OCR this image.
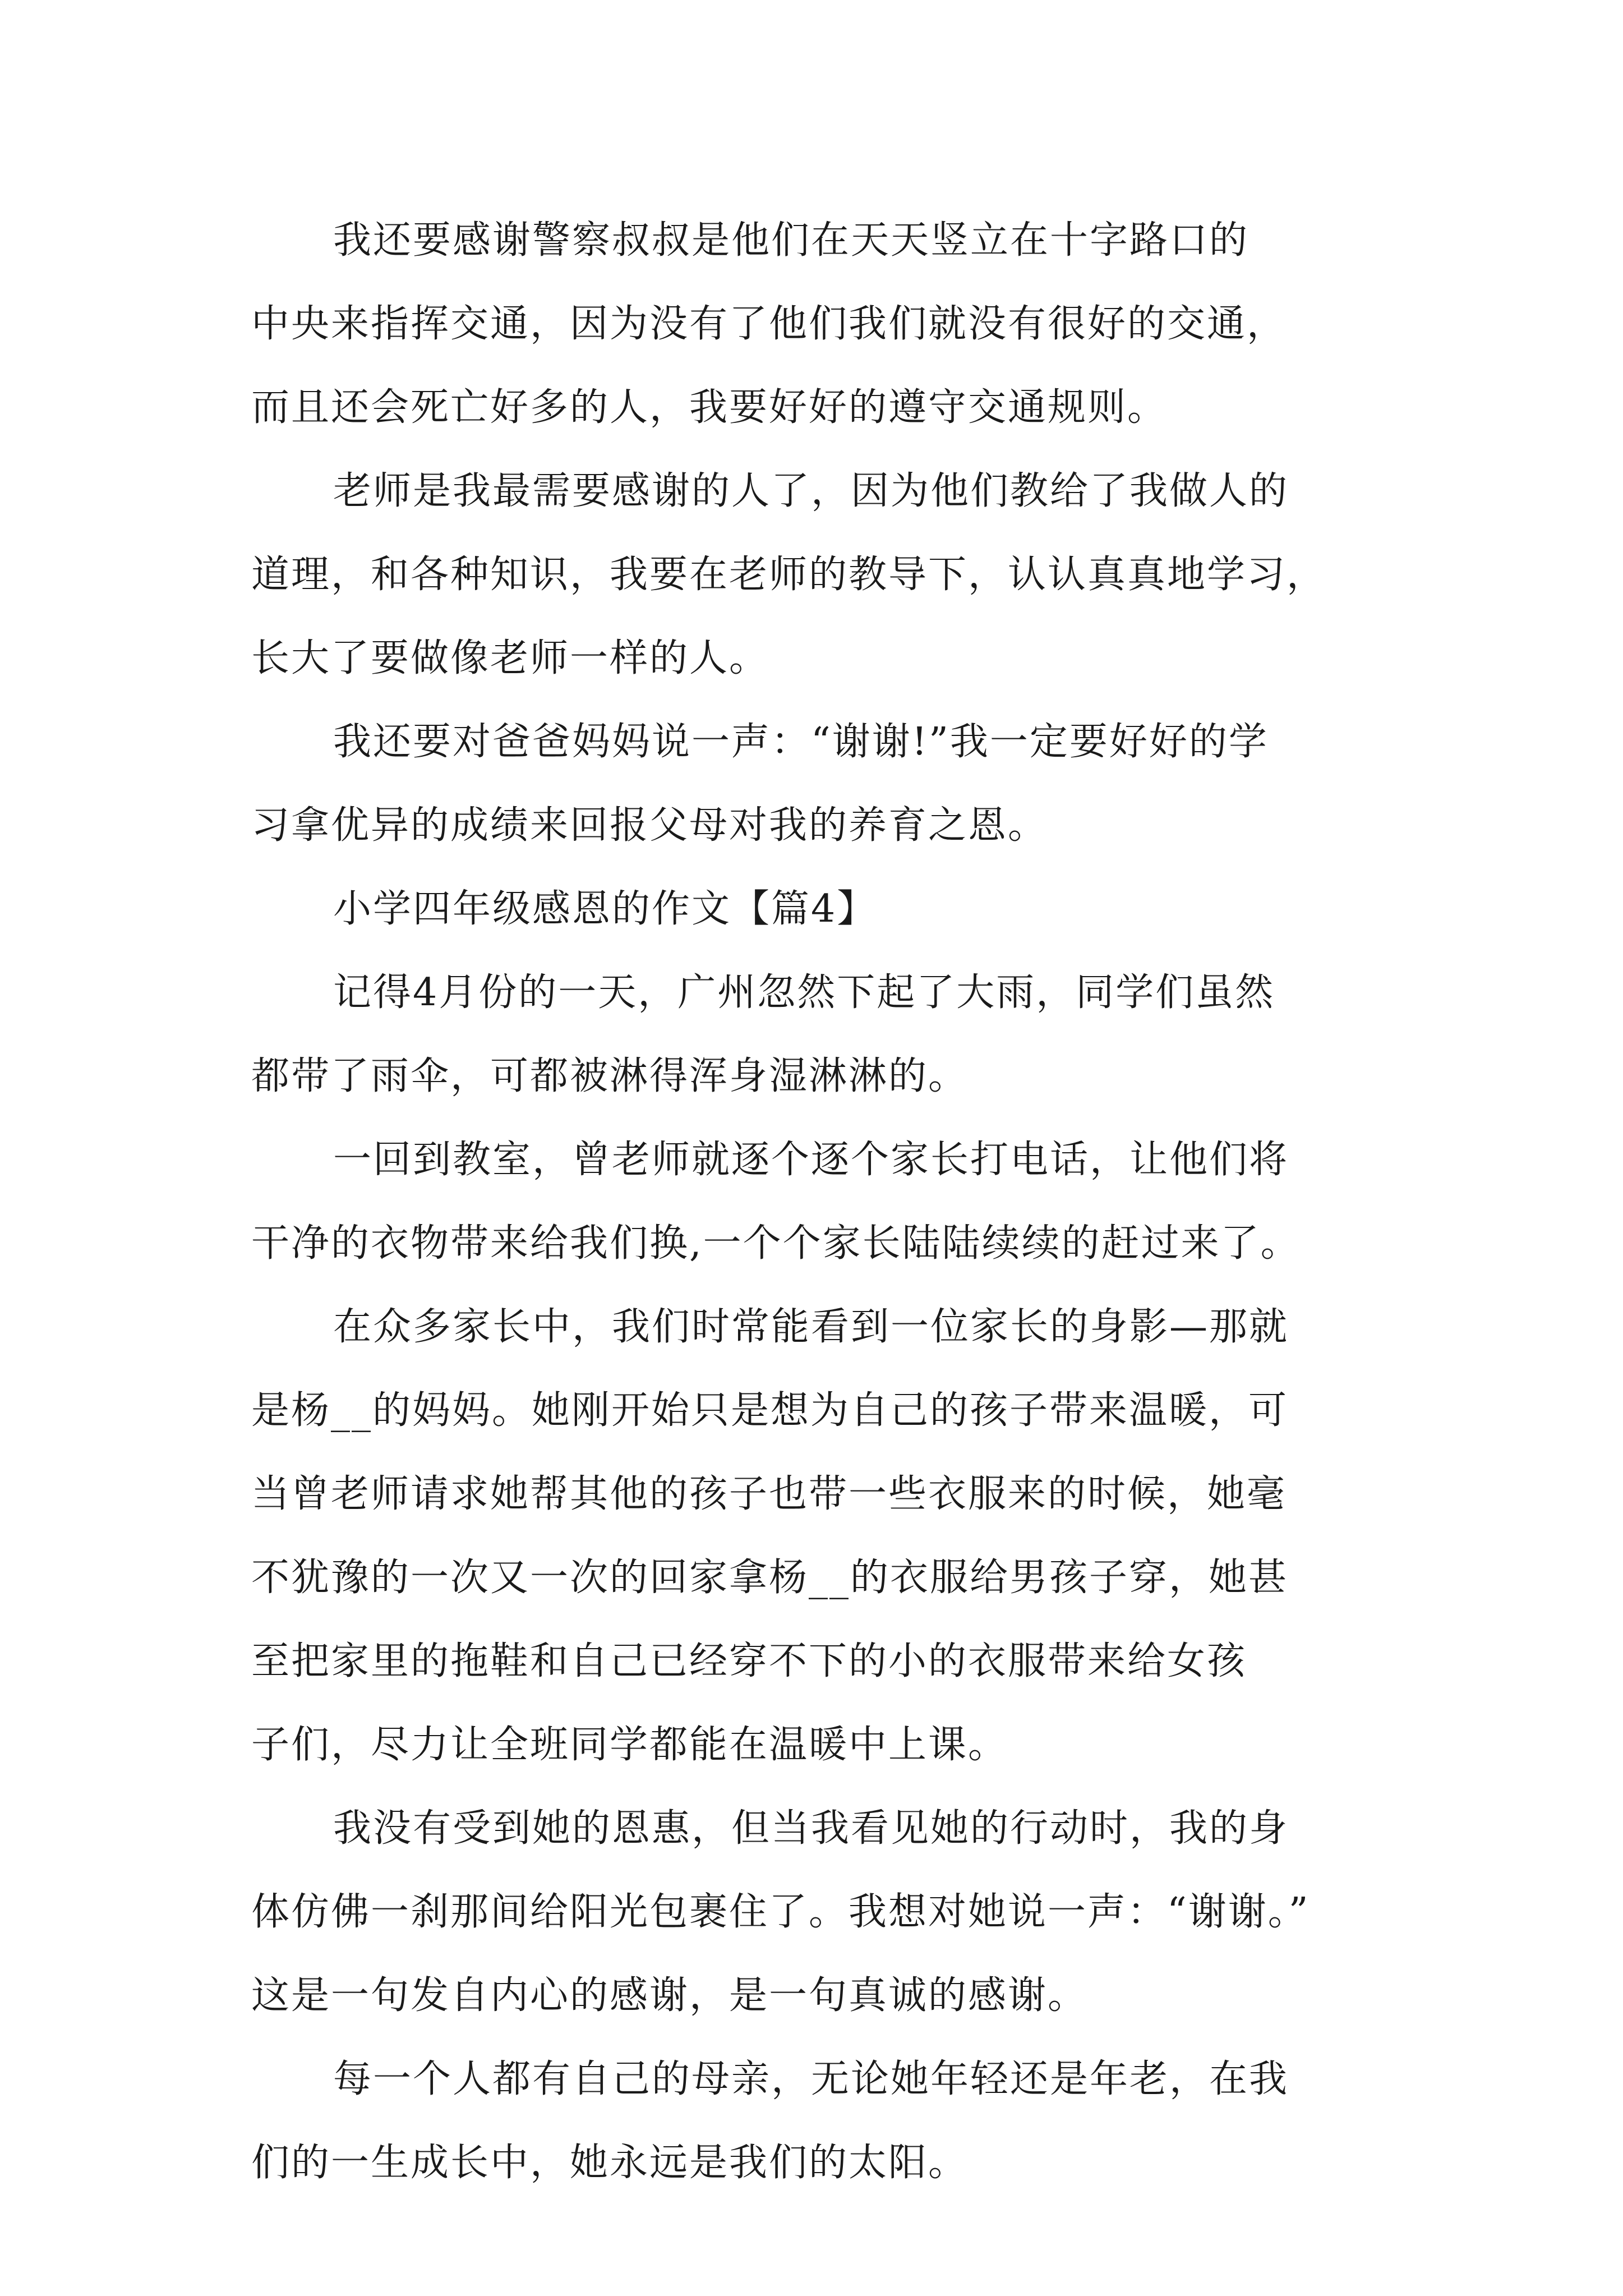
我还要感谢警察叔叔是他们在天天竖立在十字路口的
中央来指挥交通，因为没有了他们我们就没有很好的交通，
而且还会死亡好多的人，我要好好的遵守交通规则。
老师是我最需要感谢的人了，因为他们教给了我做人的
道理，和各种知识，我要在老师的教导下，认认真真地学习，
长大了要做像老师一样的人。
我还要对爸爸妈妈说一声：“谢谢!”我一定要好好的学
习拿优异的成绩来回报父母对我的养育之恩。
小学四年级感恩的作文【篇4】
记得4月份的一天，广州忽然下起了大雨，同学们虽然
都带了雨伞，可都被淋得浑身湿淋淋的。
一回到教室，曾老师就逐个逐个家长打电话，让他们将
干净的衣物带来给我们换,一个个家长陆陆续续的赶过来了。
在众多家长中，我们时常能看到一位家长的身影—那就
是杨__的妈妈。她刚开始只是想为自己的孩子带来温暖，可
当曾老师请求她帮其他的孩子也带一些衣服来的时候，她毫
不犹豫的一次又一次的回家拿杨__的衣服给男孩子穿，她甚
至把家里的拖鞋和自己已经穿不下的小的衣服带来给女孩
子们，尽力让全班同学都能在温暖中上课。
我没有受到她的恩惠，但当我看见她的行动时，我的身
体仿佛一刹那间给阳光包裹住了。我想对她说一声：“谢谢。”
这是一句发自内心的感谢，是一句真诚的感谢。
每一个人都有自己的母亲，无论她年轻还是年老，在我
们的一生成长中，她永远是我们的太阳。
